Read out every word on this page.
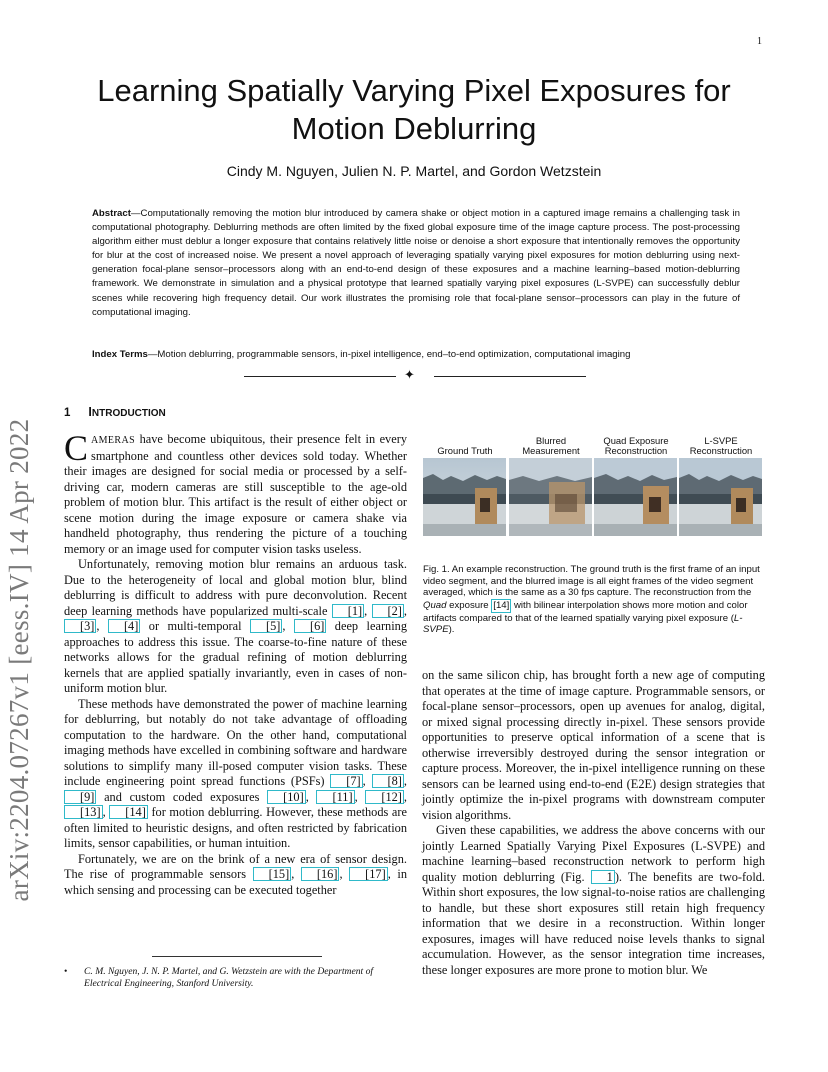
1
arXiv:2204.07267v1 [eess.IV] 14 Apr 2022
Learning Spatially Varying Pixel Exposures for
Motion Deblurring
Cindy M. Nguyen, Julien N. P. Martel, and Gordon Wetzstein

Abstract—Computationally removing the motion blur introduced by camera shake or object motion in a captured image remains a challenging task in computational photography. Deblurring methods are often limited by the fixed global exposure time of the image capture process. The post-processing algorithm either must deblur a longer exposure that contains relatively little noise or denoise a short exposure that intentionally removes the opportunity for blur at the cost of increased noise. We present a novel approach of leveraging spatially varying pixel exposures for motion deblurring using next-generation focal-plane sensor–processors along with an end-to-end design of these exposures and a machine learning–based motion-deblurring framework. We demonstrate in simulation and a physical prototype that learned spatially varying pixel exposures (L-SVPE) can successfully deblur scenes while recovering high frequency detail. Our work illustrates the promising role that focal-plane sensor–processors can play in the future of computational imaging.

Index Terms—Motion deblurring, programmable sensors, in-pixel intelligence, end–to-end optimization, computational imaging

✦
1 INTRODUCTION

CAMERAS have become ubiquitous, their presence felt in every smartphone and countless other devices sold today. Whether their images are designed for social media or processed by a self-driving car, modern cameras are still susceptible to the age-old problem of motion blur. This artifact is the result of either object or scene motion during the image exposure or camera shake via handheld photography, thus rendering the picture of a touching memory or an image used for computer vision tasks useless.

Unfortunately, removing motion blur remains an arduous task. Due to the heterogeneity of local and global motion blur, blind deblurring is difficult to address with pure deconvolution. Recent deep learning methods have popularized multi-scale [1] , [2] , [3] , [4] or multi-temporal [5] , [6] deep learning approaches to address this issue. The coarse-to-fine nature of these networks allows for the gradual refining of motion deblurring kernels that are applied spatially invariantly, even in cases of non-uniform motion blur.

These methods have demonstrated the power of machine learning for deblurring, but notably do not take advantage of offloading computation to the hardware. On the other hand, computational imaging methods have excelled in combining software and hardware solutions to simplify many ill-posed computer vision tasks. These include engineering point spread functions (PSFs) [7] , [8] , [9] and custom coded exposures [10] , [11] , [12] , [13] , [14] for motion deblurring. However, these methods are often limited to heuristic designs, and often restricted by fabrication limits, sensor capabilities, or human intuition.

Fortunately, we are on the brink of a new era of sensor design. The rise of programmable sensors [15] , [16] , [17] , in which sensing and processing can be executed together

•	C. M. Nguyen, J. N. P. Martel, and G. Wetzstein are with the Department of Electrical Engineering, Stanford University.
Ground Truth
Blurred
Measurement
Quad Exposure
Reconstruction
L-SVPE
Reconstruction

Fig. 1. An example reconstruction. The ground truth is the first frame of an input video segment, and the blurred image is all eight frames of the video segment averaged, which is the same as a 30 fps capture. The reconstruction from the Quad exposure [14] with bilinear interpolation shows more motion and color artifacts compared to that of the learned spatially varying pixel exposure (L-SVPE).

on the same silicon chip, has brought forth a new age of computing that operates at the time of image capture. Programmable sensors, or focal-plane sensor–processors, open up avenues for analog, digital, or mixed signal processing directly in-pixel. These sensors provide opportunities to preserve optical information of a scene that is otherwise irreversibly destroyed during the sensor integration or capture process. Moreover, the in-pixel intelligence running on these sensors can be learned using end-to-end (E2E) design strategies that jointly optimize the in-pixel programs with downstream computer vision algorithms.

Given these capabilities, we address the above concerns with our jointly Learned Spatially Varying Pixel Exposures (L-SVPE) and machine learning–based reconstruction network to perform high quality motion deblurring (Fig. 1 ). The benefits are two-fold. Within short exposures, the low signal-to-noise ratios are challenging to handle, but these short exposures still retain high frequency information that we desire in a reconstruction. Within longer exposures, images will have reduced noise levels thanks to signal accumulation. However, as the sensor integration time increases, these longer exposures are more prone to motion blur. We
